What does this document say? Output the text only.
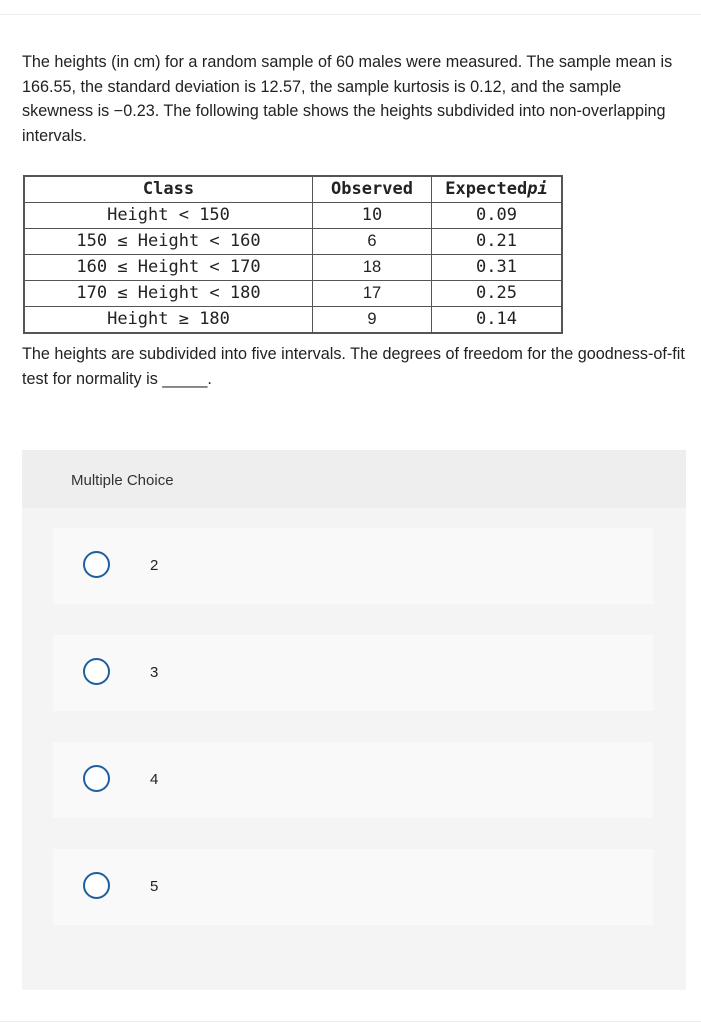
The heights (in cm) for a random sample of 60 males were measured. The sample mean is 166.55, the standard deviation is 12.57, the sample kurtosis is 0.12, and the sample skewness is −0.23. The following table shows the heights subdivided into non-overlapping intervals.

Class	Observed	Expectedpi
Height < 150	10	0.09
150 ≤ Height < 160	6	0.21
160 ≤ Height < 170	18	0.31
170 ≤ Height < 180	17	0.25
Height ≥ 180	9	0.14

The heights are subdivided into five intervals. The degrees of freedom for the goodness-of-fit test for normality is _____.

Multiple Choice
2
3
4
5
